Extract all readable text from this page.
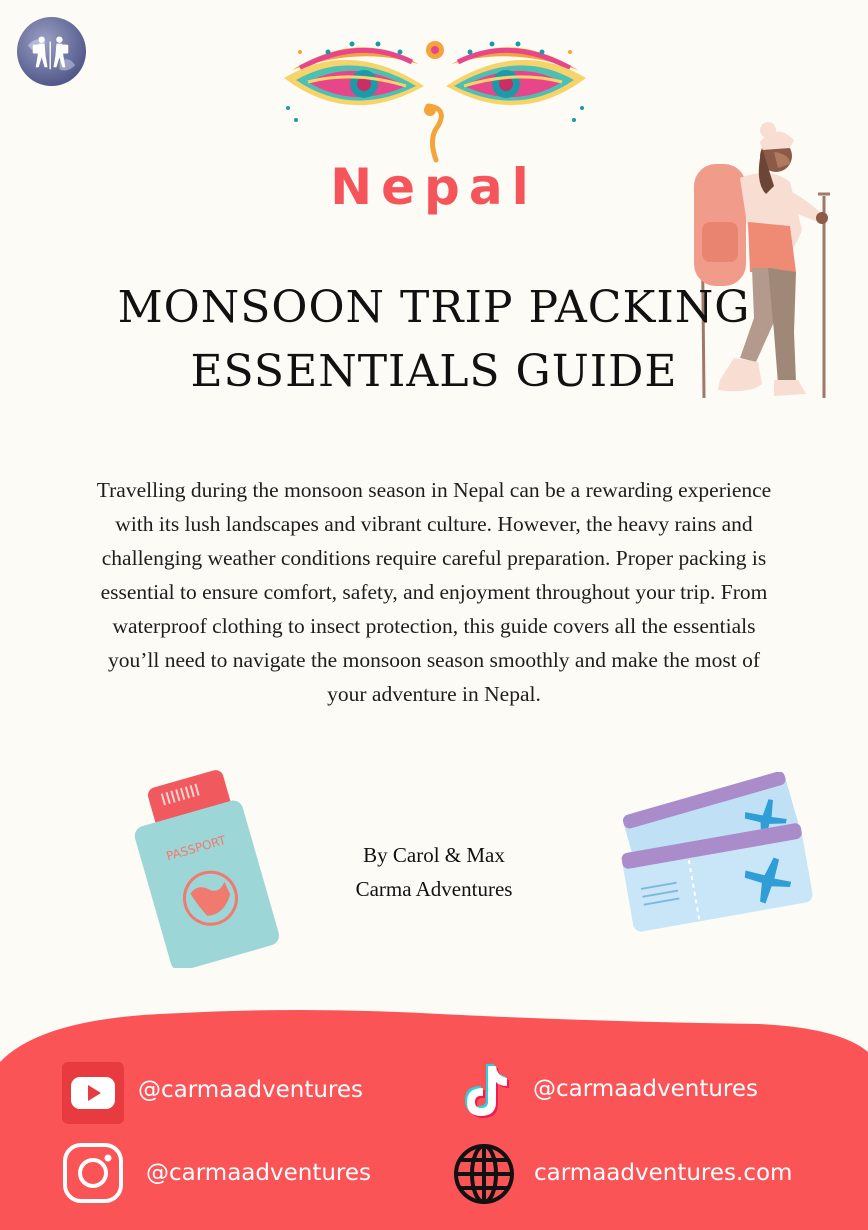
Nepal
MONSOON TRIP PACKING
ESSENTIALS GUIDE
Travelling during the monsoon season in Nepal can be a rewarding experience with its lush landscapes and vibrant culture. However, the heavy rains and challenging weather conditions require careful preparation. Proper packing is essential to ensure comfort, safety, and enjoyment throughout your trip. From waterproof clothing to insect protection, this guide covers all the essentials you’ll need to navigate the monsoon season smoothly and make the most of your adventure in Nepal.
PASSPORT	By Carol & Max
Carma Adventures
@carmaadventures	@carmaadventures
@carmaadventures	carmaadventures.com
